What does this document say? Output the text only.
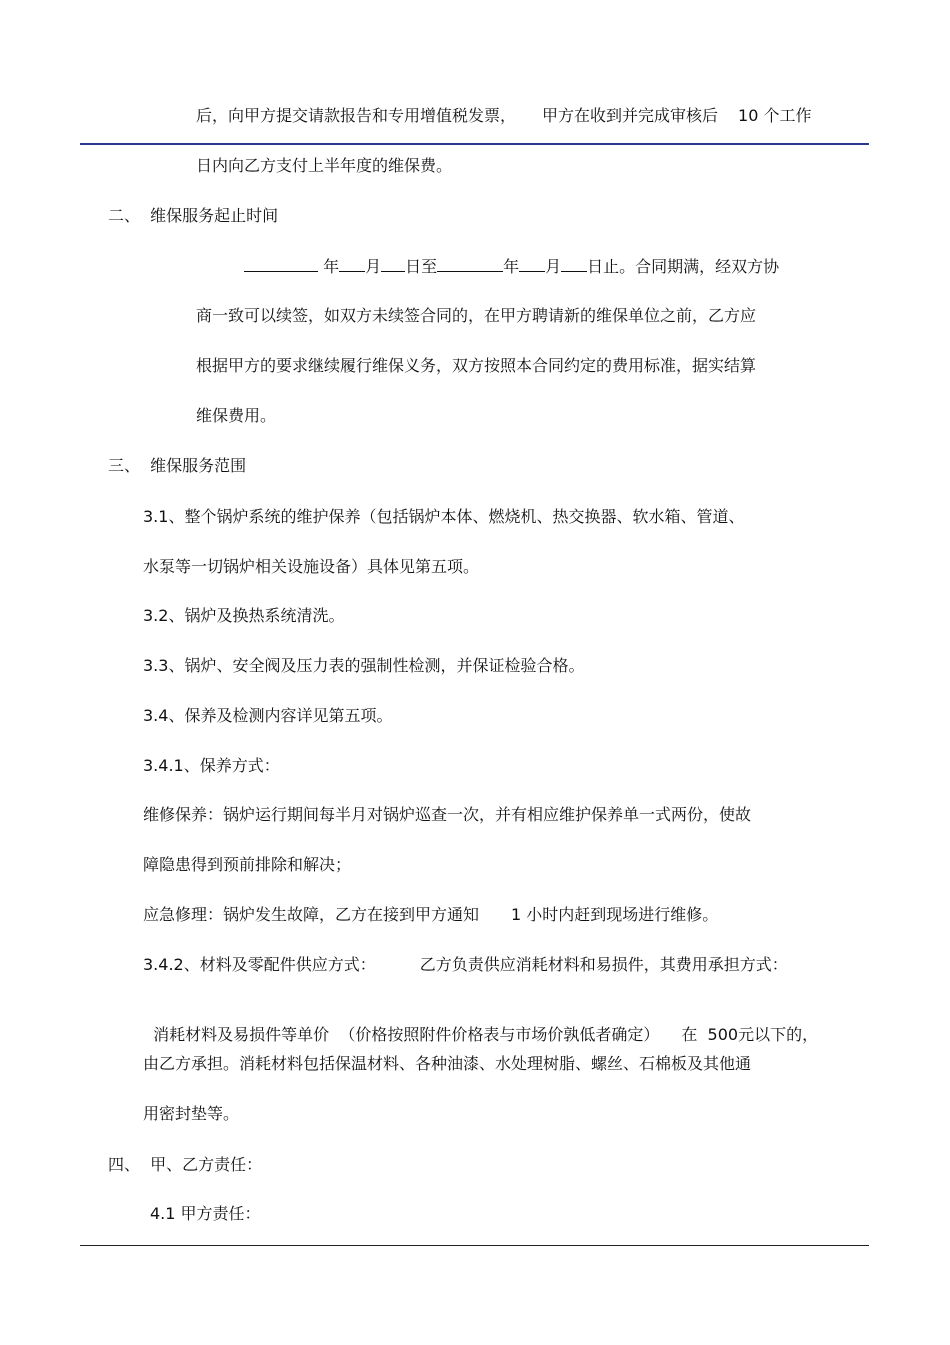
后，向甲方提交请款报告和专用增值税发票， 甲方在收到并完成审核后 10 个工作
日内向乙方支付上半年度的维保费。
二、  维保服务起止时间
年 月 日至	年 月 日止。合同期满，经双方协
商一致可以续签，如双方未续签合同的，在甲方聘请新的维保单位之前，乙方应
根据甲方的要求继续履行维保义务，双方按照本合同约定的费用标准，据实结算
维保费用。
三、  维保服务范围
3.1、整个锅炉系统的维护保养（包括锅炉本体、燃烧机、热交换器、软水箱、管道、
水泵等一切锅炉相关设施设备）具体见第五项。
3.2、锅炉及换热系统清洗。
3.3、锅炉、安全阀及压力表的强制性检测，并保证检验合格。
3.4、保养及检测内容详见第五项。
3.4.1、保养方式：
维修保养：锅炉运行期间每半月对锅炉巡查一次，并有相应维护保养单一式两份，使故
障隐患得到预前排除和解决；
应急修理：锅炉发生故障，乙方在接到甲方通知 1 小时内赶到现场进行维修。
3.4.2、材料及零配件供应方式：	乙方负责供应消耗材料和易损件，其费用承担方式：

消耗材料及易损件等单价  （价格按照附件价格表与市场价孰低者确定） 在  500元以下的，

由乙方承担。消耗材料包括保温材料、各种油漆、水处理树脂、螺丝、石棉板及其他通
用密封垫等。
四、  甲、乙方责任：
4.1 甲方责任：
